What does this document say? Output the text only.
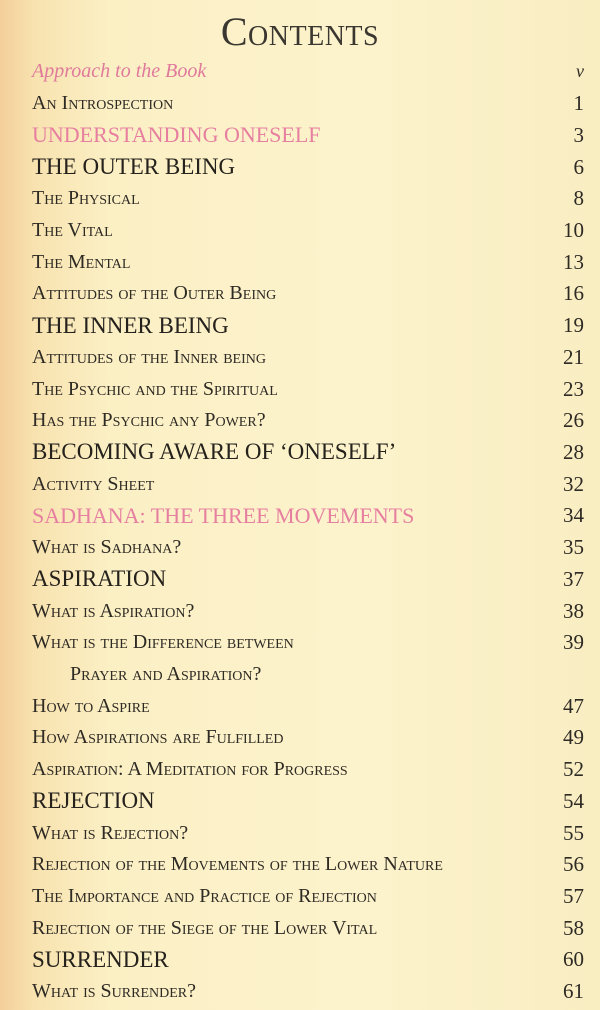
Contents
Approach to the Book	v
An Introspection	1
UNDERSTANDING ONESELF	3
THE OUTER BEING	6
The Physical	8
The Vital	10
The Mental	13
Attitudes of the Outer Being	16
THE INNER BEING	19
Attitudes of the Inner being	21
The Psychic and the Spiritual	23
Has the Psychic any Power?	26
BECOMING AWARE OF ‘ONESELF’	28
Activity Sheet	32
SADHANA: THE THREE MOVEMENTS	34
What is Sadhana?	35
ASPIRATION	37
What is Aspiration?	38
What is the Difference between	39
Prayer and Aspiration?
How to Aspire	47
How Aspirations are Fulfilled	49
Aspiration: A Meditation for Progress	52
REJECTION	54
What is Rejection?	55
Rejection of the Movements of the Lower Nature	56
The Importance and Practice of Rejection	57
Rejection of the Siege of the Lower Vital	58
SURRENDER	60
What is Surrender?	61
